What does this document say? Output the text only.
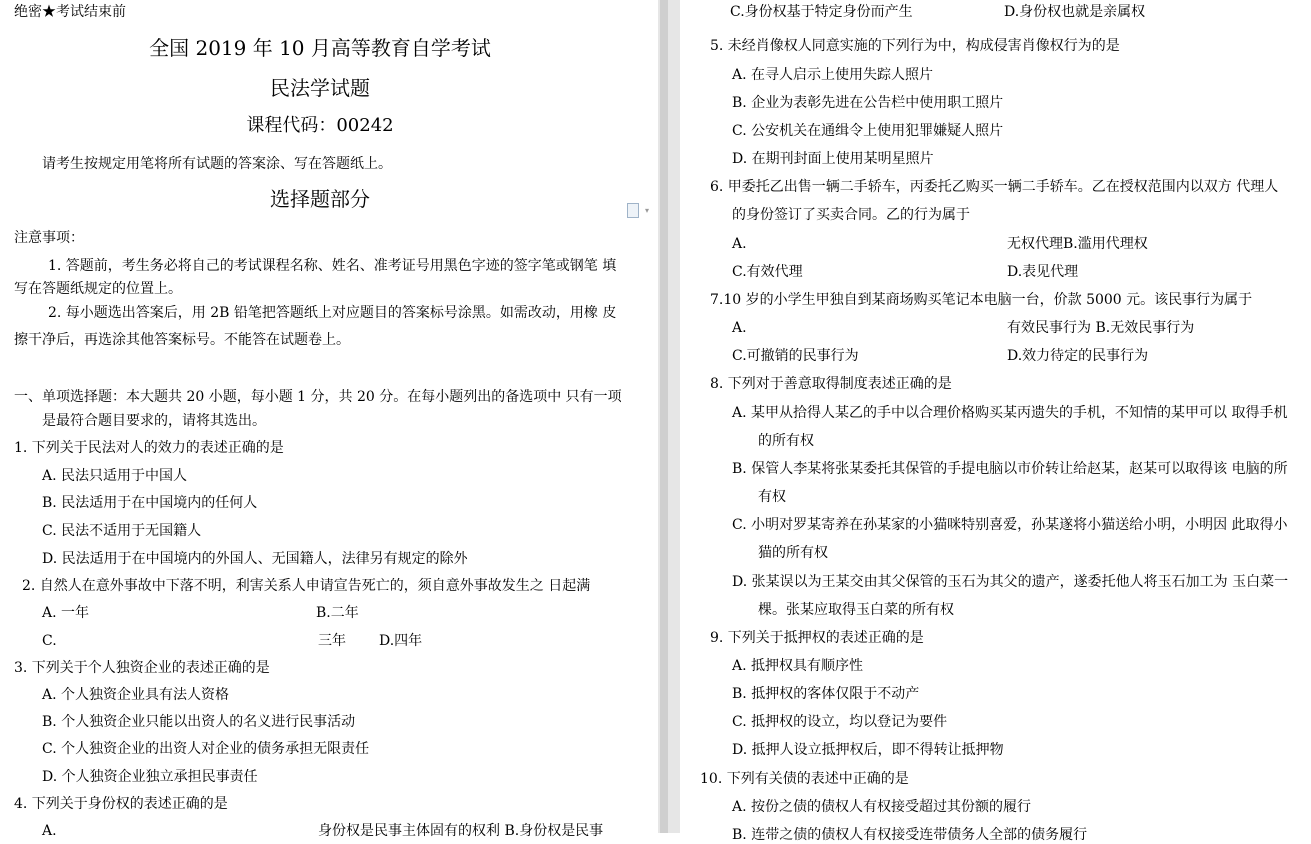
绝密★考试结束前
全国 2019 年 10 月高等教育自学考试
民法学试题
课程代码：00242
请考生按规定用笔将所有试题的答案涂、写在答题纸上。
选择题部分	▾
注意事项：
1. 答题前，考生务必将自己的考试课程名称、姓名、准考证号用黑色字迹的签字笔或钢笔 填
写在答题纸规定的位置上。
2. 每小题选出答案后，用 2B 铅笔把答题纸上对应题目的答案标号涂黑。如需改动，用橡 皮
擦干净后，再选涂其他答案标号。不能答在试题卷上。
一、单项选择题：本大题共 20 小题，每小题 1 分，共 20 分。在每小题列出的备选项中 只有一项
是最符合题目要求的，请将其选出。
1. 下列关于民法对人的效力的表述正确的是
A. 民法只适用于中国人
B. 民法适用于在中国境内的任何人
C. 民法不适用于无国籍人
D. 民法适用于在中国境内的外国人、无国籍人，法律另有规定的除外
2. 自然人在意外事故中下落不明，利害关系人申请宣告死亡的，须自意外事故发生之 日起满
A. 一年	B.二年
C.	三年 D.四年
3. 下列关于个人独资企业的表述正确的是
A. 个人独资企业具有法人资格
B. 个人独资企业只能以出资人的名义进行民事活动
C. 个人独资企业的出资人对企业的债务承担无限责任
D. 个人独资企业独立承担民事责任
4. 下列关于身份权的表述正确的是
A.	身份权是民事主体固有的权利 B.身份权是民事
C.身份权基于特定身份而产生	D.身份权也就是亲属权
5. 未经肖像权人同意实施的下列行为中，构成侵害肖像权行为的是
A. 在寻人启示上使用失踪人照片
B. 企业为表彰先进在公告栏中使用职工照片
C. 公安机关在通缉令上使用犯罪嫌疑人照片
D. 在期刊封面上使用某明星照片
6. 甲委托乙出售一辆二手轿车，丙委托乙购买一辆二手轿车。乙在授权范围内以双方 代理人
的身份签订了买卖合同。乙的行为属于
A.	无权代理B.滥用代理权
C.有效代理	D.表见代理
7.10 岁的小学生甲独自到某商场购买笔记本电脑一台，价款 5000 元。该民事行为属于
A.	有效民事行为 B.无效民事行为
C.可撤销的民事行为	D.效力待定的民事行为
8. 下列对于善意取得制度表述正确的是
A. 某甲从拾得人某乙的手中以合理价格购买某丙遗失的手机，不知情的某甲可以 取得手机
的所有权
B. 保管人李某将张某委托其保管的手提电脑以市价转让给赵某，赵某可以取得该 电脑的所
有权
C. 小明对罗某寄养在孙某家的小猫咪特别喜爱，孙某遂将小猫送给小明，小明因 此取得小
猫的所有权
D. 张某误以为王某交由其父保管的玉石为其父的遗产，遂委托他人将玉石加工为 玉白菜一
棵。张某应取得玉白菜的所有权
9. 下列关于抵押权的表述正确的是
A. 抵押权具有顺序性
B. 抵押权的客体仅限于不动产
C. 抵押权的设立，均以登记为要件
D. 抵押人设立抵押权后，即不得转让抵押物
10. 下列有关债的表述中正确的是
A. 按份之债的债权人有权接受超过其份额的履行
B. 连带之债的债权人有权接受连带债务人全部的债务履行
